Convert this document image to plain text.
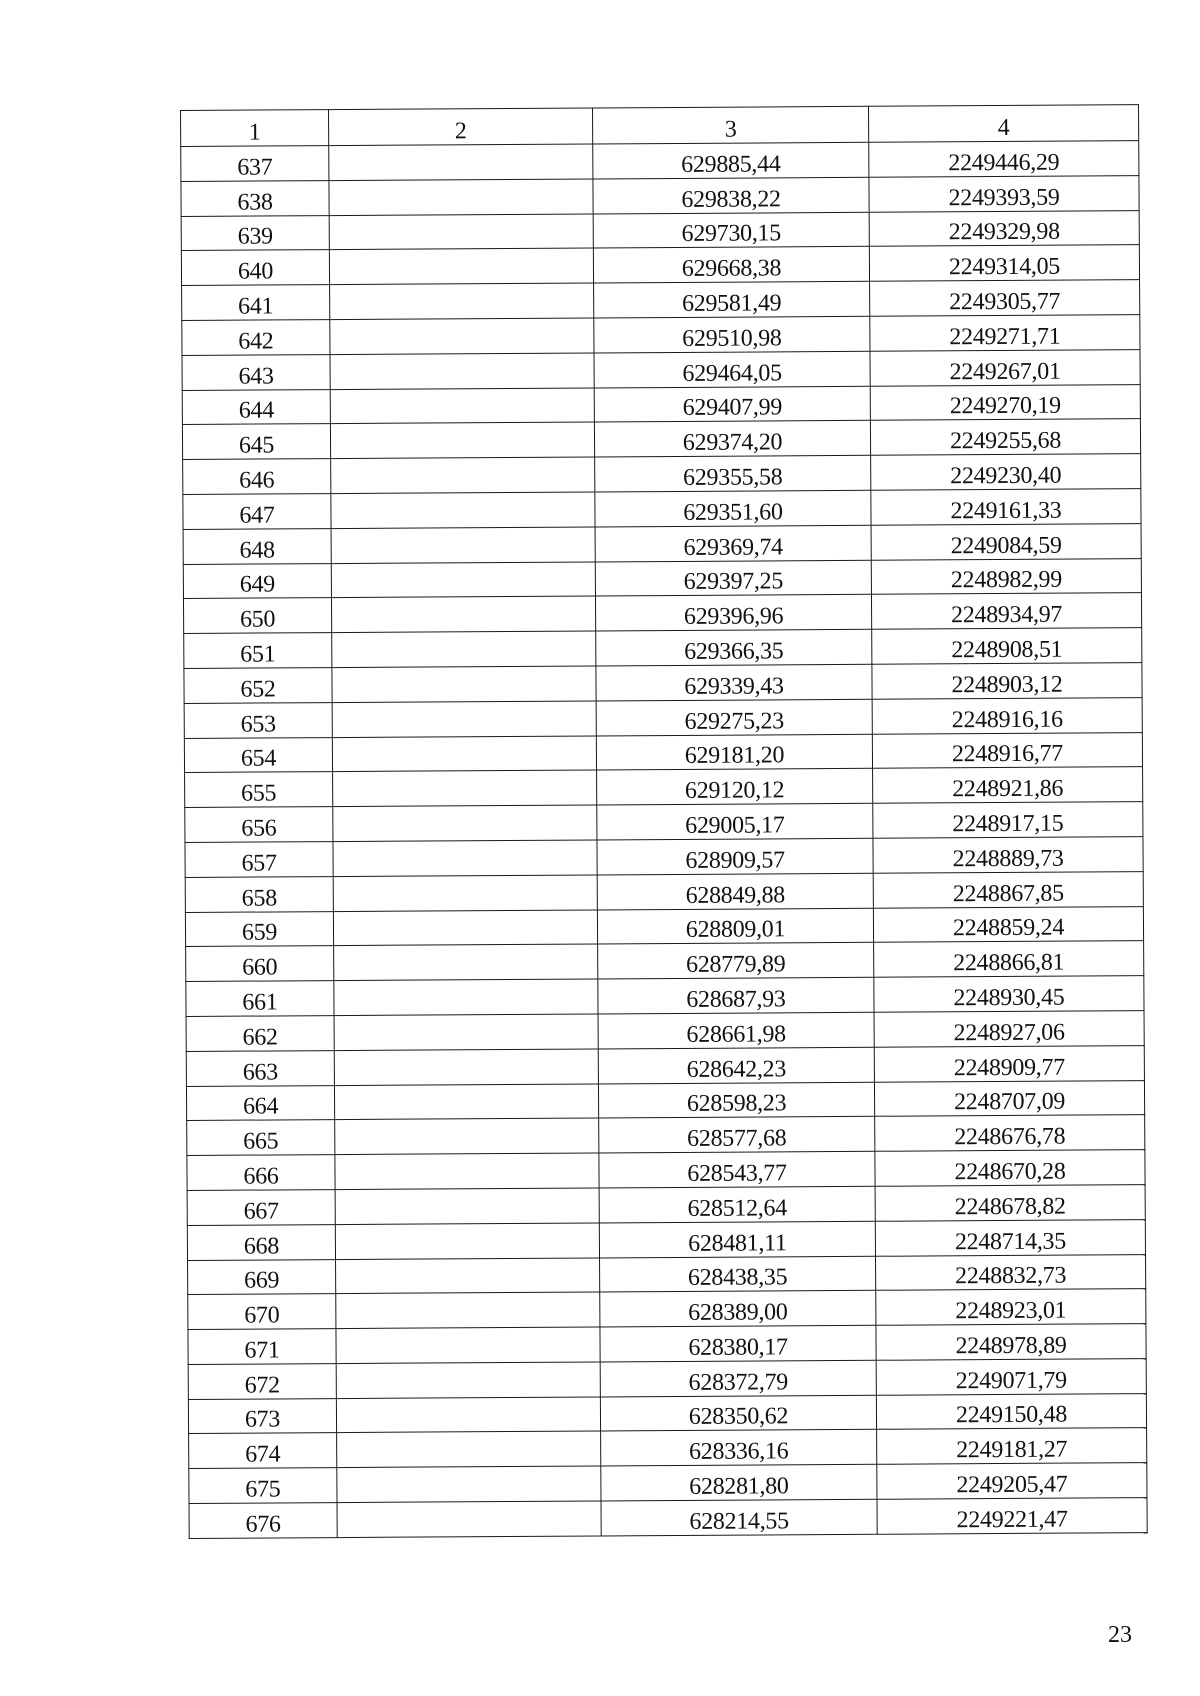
1	2	3	4
637		629885,44	2249446,29
638		629838,22	2249393,59
639		629730,15	2249329,98
640		629668,38	2249314,05
641		629581,49	2249305,77
642		629510,98	2249271,71
643		629464,05	2249267,01
644		629407,99	2249270,19
645		629374,20	2249255,68
646		629355,58	2249230,40
647		629351,60	2249161,33
648		629369,74	2249084,59
649		629397,25	2248982,99
650		629396,96	2248934,97
651		629366,35	2248908,51
652		629339,43	2248903,12
653		629275,23	2248916,16
654		629181,20	2248916,77
655		629120,12	2248921,86
656		629005,17	2248917,15
657		628909,57	2248889,73
658		628849,88	2248867,85
659		628809,01	2248859,24
660		628779,89	2248866,81
661		628687,93	2248930,45
662		628661,98	2248927,06
663		628642,23	2248909,77
664		628598,23	2248707,09
665		628577,68	2248676,78
666		628543,77	2248670,28
667		628512,64	2248678,82
668		628481,11	2248714,35
669		628438,35	2248832,73
670		628389,00	2248923,01
671		628380,17	2248978,89
672		628372,79	2249071,79
673		628350,62	2249150,48
674		628336,16	2249181,27
675		628281,80	2249205,47
676		628214,55	2249221,47
23
